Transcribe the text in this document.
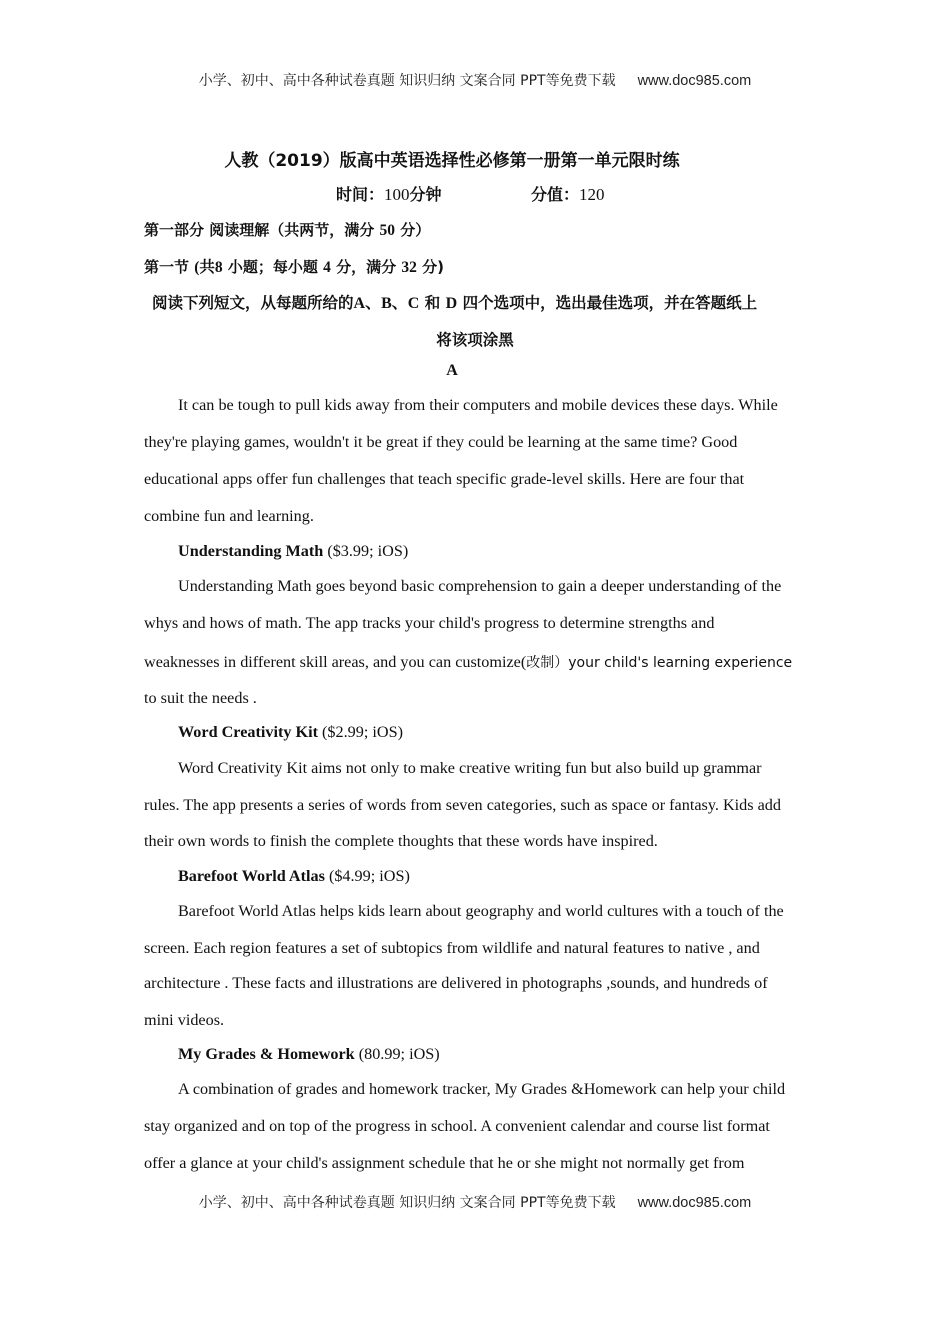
小学、初中、高中各种试卷真题 知识归纳 文案合同 PPT等免费下载 www.doc985.com
人教（2019）版高中英语选择性必修第一册第一单元限时练
时间：100分钟	分值：120
第一部分 阅读理解（共两节，满分 50 分）
第一节 (共8 小题；每小题 4 分，满分 32 分)
阅读下列短文，从每题所给的A、B、C 和 D 四个选项中，选出最佳选项，并在答题纸上
将该项涂黑
A
It can be tough to pull kids away from their computers and mobile devices these days. While
they're playing games, wouldn't it be great if they could be learning at the same time? Good
educational apps offer fun challenges that teach specific grade-level skills. Here are four that
combine fun and learning.
Understanding Math ($3.99; iOS)
Understanding Math goes beyond basic comprehension to gain a deeper understanding of the
whys and hows of math. The app tracks your child's progress to determine strengths and
weaknesses in different skill areas, and you can customize(改制）your child's learning experience
to suit the needs .
Word Creativity Kit ($2.99; iOS)
Word Creativity Kit aims not only to make creative writing fun but also build up grammar
rules. The app presents a series of words from seven categories, such as space or fantasy. Kids add
their own words to finish the complete thoughts that these words have inspired.
Barefoot World Atlas ($4.99; iOS)
Barefoot World Atlas helps kids learn about geography and world cultures with a touch of the
screen. Each region features a set of subtopics from wildlife and natural features to native , and
architecture . These facts and illustrations are delivered in photographs ,sounds, and hundreds of
mini videos.
My Grades & Homework (80.99; iOS)
A combination of grades and homework tracker, My Grades &Homework can help your child
stay organized and on top of the progress in school. A convenient calendar and course list format
offer a glance at your child's assignment schedule that he or she might not normally get from
小学、初中、高中各种试卷真题 知识归纳 文案合同 PPT等免费下载 www.doc985.com
